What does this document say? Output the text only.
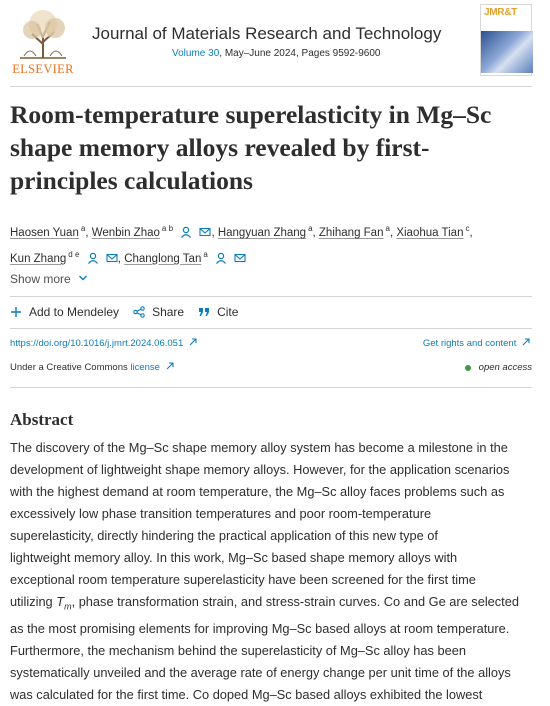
ELSEVIER
Journal of Materials Research and Technology
Volume 30, May–June 2024, Pages 9592-9600
JMR&T
Room-temperature superelasticity in Mg–Sc
shape memory alloys revealed by first-
principles calculations
Haosen Yuan $^a$, Wenbin Zhao $^{a b}$	, Hangyuan Zhang $^a$, Zhihang Fan $^a$, Xiaohua Tian $^c$,
Kun Zhang $^{d e}$	, Changlong Tan $^a$
Show more
Add to Mendeley	Share	Cite
https://doi.org/10.1016/j.jmrt.2024.06.051	Get rights and content
Under a Creative Commons license	open access
Abstract
The discovery of the Mg–Sc shape memory alloy system has become a milestone in the
development of lightweight shape memory alloys. However, for the application scenarios
with the highest demand at room temperature, the Mg–Sc alloy faces problems such as
excessively low phase transition temperatures and poor room-temperature
superelasticity, directly hindering the practical application of this new type of
lightweight memory alloy. In this work, Mg–Sc based shape memory alloys with
exceptional room temperature superelasticity have been screened for the first time
utilizing $T_m$, phase transformation strain, and stress-strain curves. Co and Ge are selected
as the most promising elements for improving Mg–Sc based alloys at room temperature.
Furthermore, the mechanism behind the superelasticity of Mg–Sc alloy has been
systematically unveiled and the average rate of energy change per unit time of the alloys
was calculated for the first time. Co doped Mg–Sc based alloys exhibited the lowest
